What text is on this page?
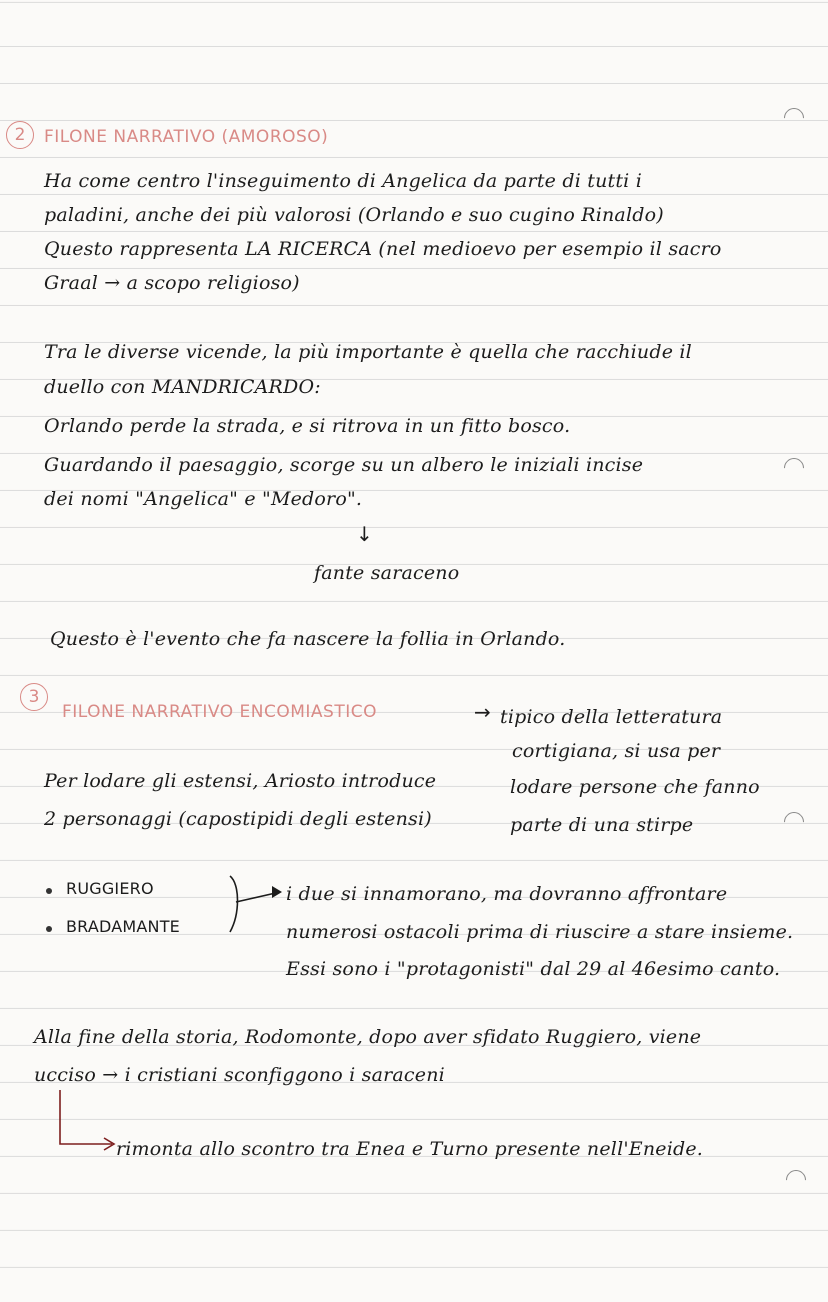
2	FILONE NARRATIVO (AMOROSO)
Ha come centro l'inseguimento di Angelica da parte di tutti i
paladini, anche dei più valorosi (Orlando e suo cugino Rinaldo)
Questo rappresenta LA RICERCA (nel medioevo per esempio il sacro
Graal → a scopo religioso)
Tra le diverse vicende, la più importante è quella che racchiude il
duello con MANDRICARDO:
Orlando perde la strada, e si ritrova in un fitto bosco.
Guardando il paesaggio, scorge su un albero le iniziali incise
dei nomi "Angelica" e "Medoro".
↓
fante saraceno
Questo è l'evento che fa nascere la follia in Orlando.
3
FILONE NARRATIVO ENCOMIASTICO	→ tipico della letteratura
cortigiana, si usa per
lodare persone che fanno
parte di una stirpe
Per lodare gli estensi, Ariosto introduce
2 personaggi (capostipidi degli estensi)
RUGGIERO
BRADAMANTE
i due si innamorano, ma dovranno affrontare
numerosi ostacoli prima di riuscire a stare insieme.
Essi sono i "protagonisti" dal 29 al 46esimo canto.
Alla fine della storia, Rodomonte, dopo aver sfidato Ruggiero, viene
ucciso → i cristiani sconfiggono i saraceni
rimonta allo scontro tra Enea e Turno presente nell'Eneide.
